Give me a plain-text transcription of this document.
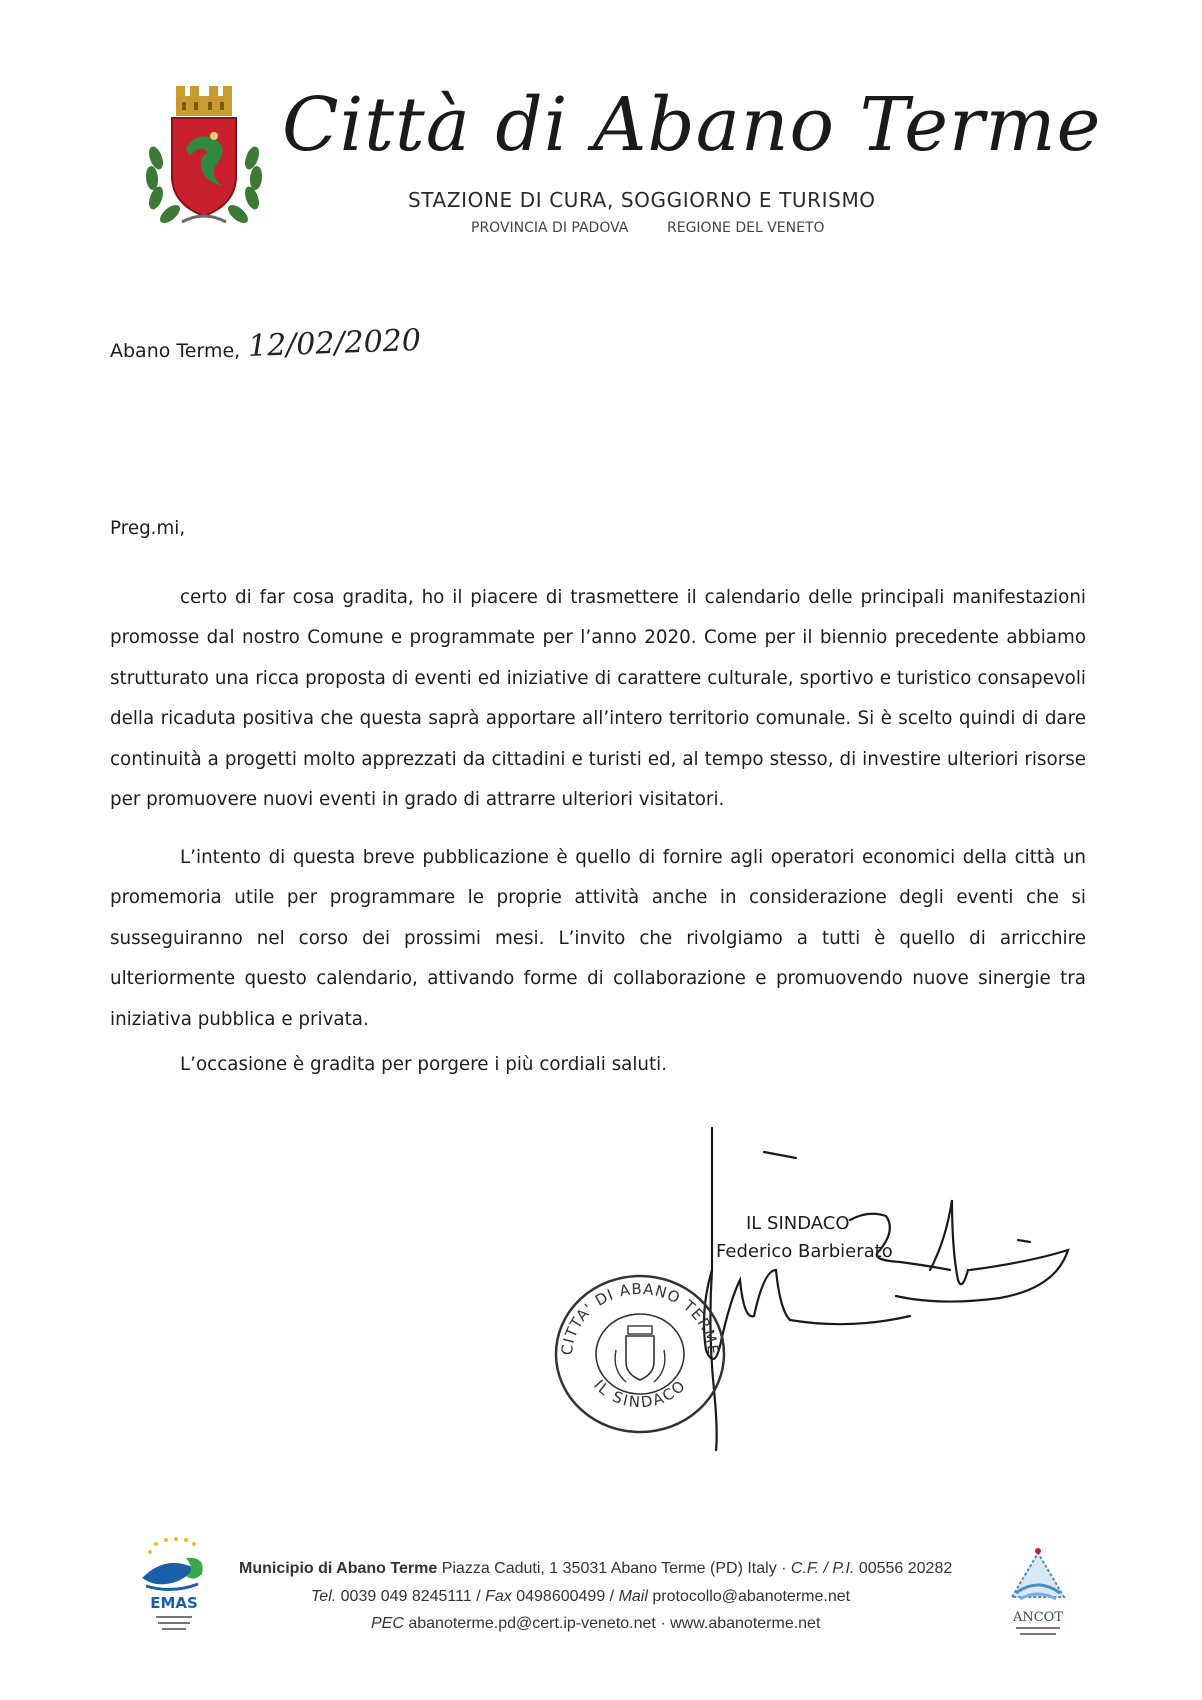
Città di Abano Terme
STAZIONE DI CURA, SOGGIORNO E TURISMO
PROVINCIA DI PADOVA	REGIONE DEL VENETO
Abano Terme, 12/02/2020
Preg.mi,
certo di far cosa gradita, ho il piacere di trasmettere il calendario delle principali manifestazioni promosse dal nostro Comune e programmate per l’anno 2020. Come per il biennio precedente abbiamo strutturato una ricca proposta di eventi ed iniziative di carattere culturale, sportivo e turistico consapevoli della ricaduta positiva che questa saprà apportare all’intero territorio comunale. Si è scelto quindi di dare continuità a progetti molto apprezzati da cittadini e turisti ed, al tempo stesso, di investire ulteriori risorse per promuovere nuovi eventi in grado di attrarre ulteriori visitatori.
L’intento di questa breve pubblicazione è quello di fornire agli operatori economici della città un promemoria utile per programmare le proprie attività anche in considerazione degli eventi che si susseguiranno nel corso dei prossimi mesi. L’invito che rivolgiamo a tutti è quello di arricchire ulteriormente questo calendario, attivando forme di collaborazione e promuovendo nuove sinergie tra iniziativa pubblica e privata.
L’occasione è gradita per porgere i più cordiali saluti.
IL SINDACO
Federico Barbierato
CITTA' DI ABANO TERME
IL SINDACO
EMAS
ANCOT
Municipio di Abano Terme Piazza Caduti, 1 35031 Abano Terme (PD) Italy · C.F. / P.I. 00556 20282
Tel. 0039 049 8245111 / Fax 0498600499 / Mail protocollo@abanoterme.net
PEC abanoterme.pd@cert.ip-veneto.net · www.abanoterme.net
